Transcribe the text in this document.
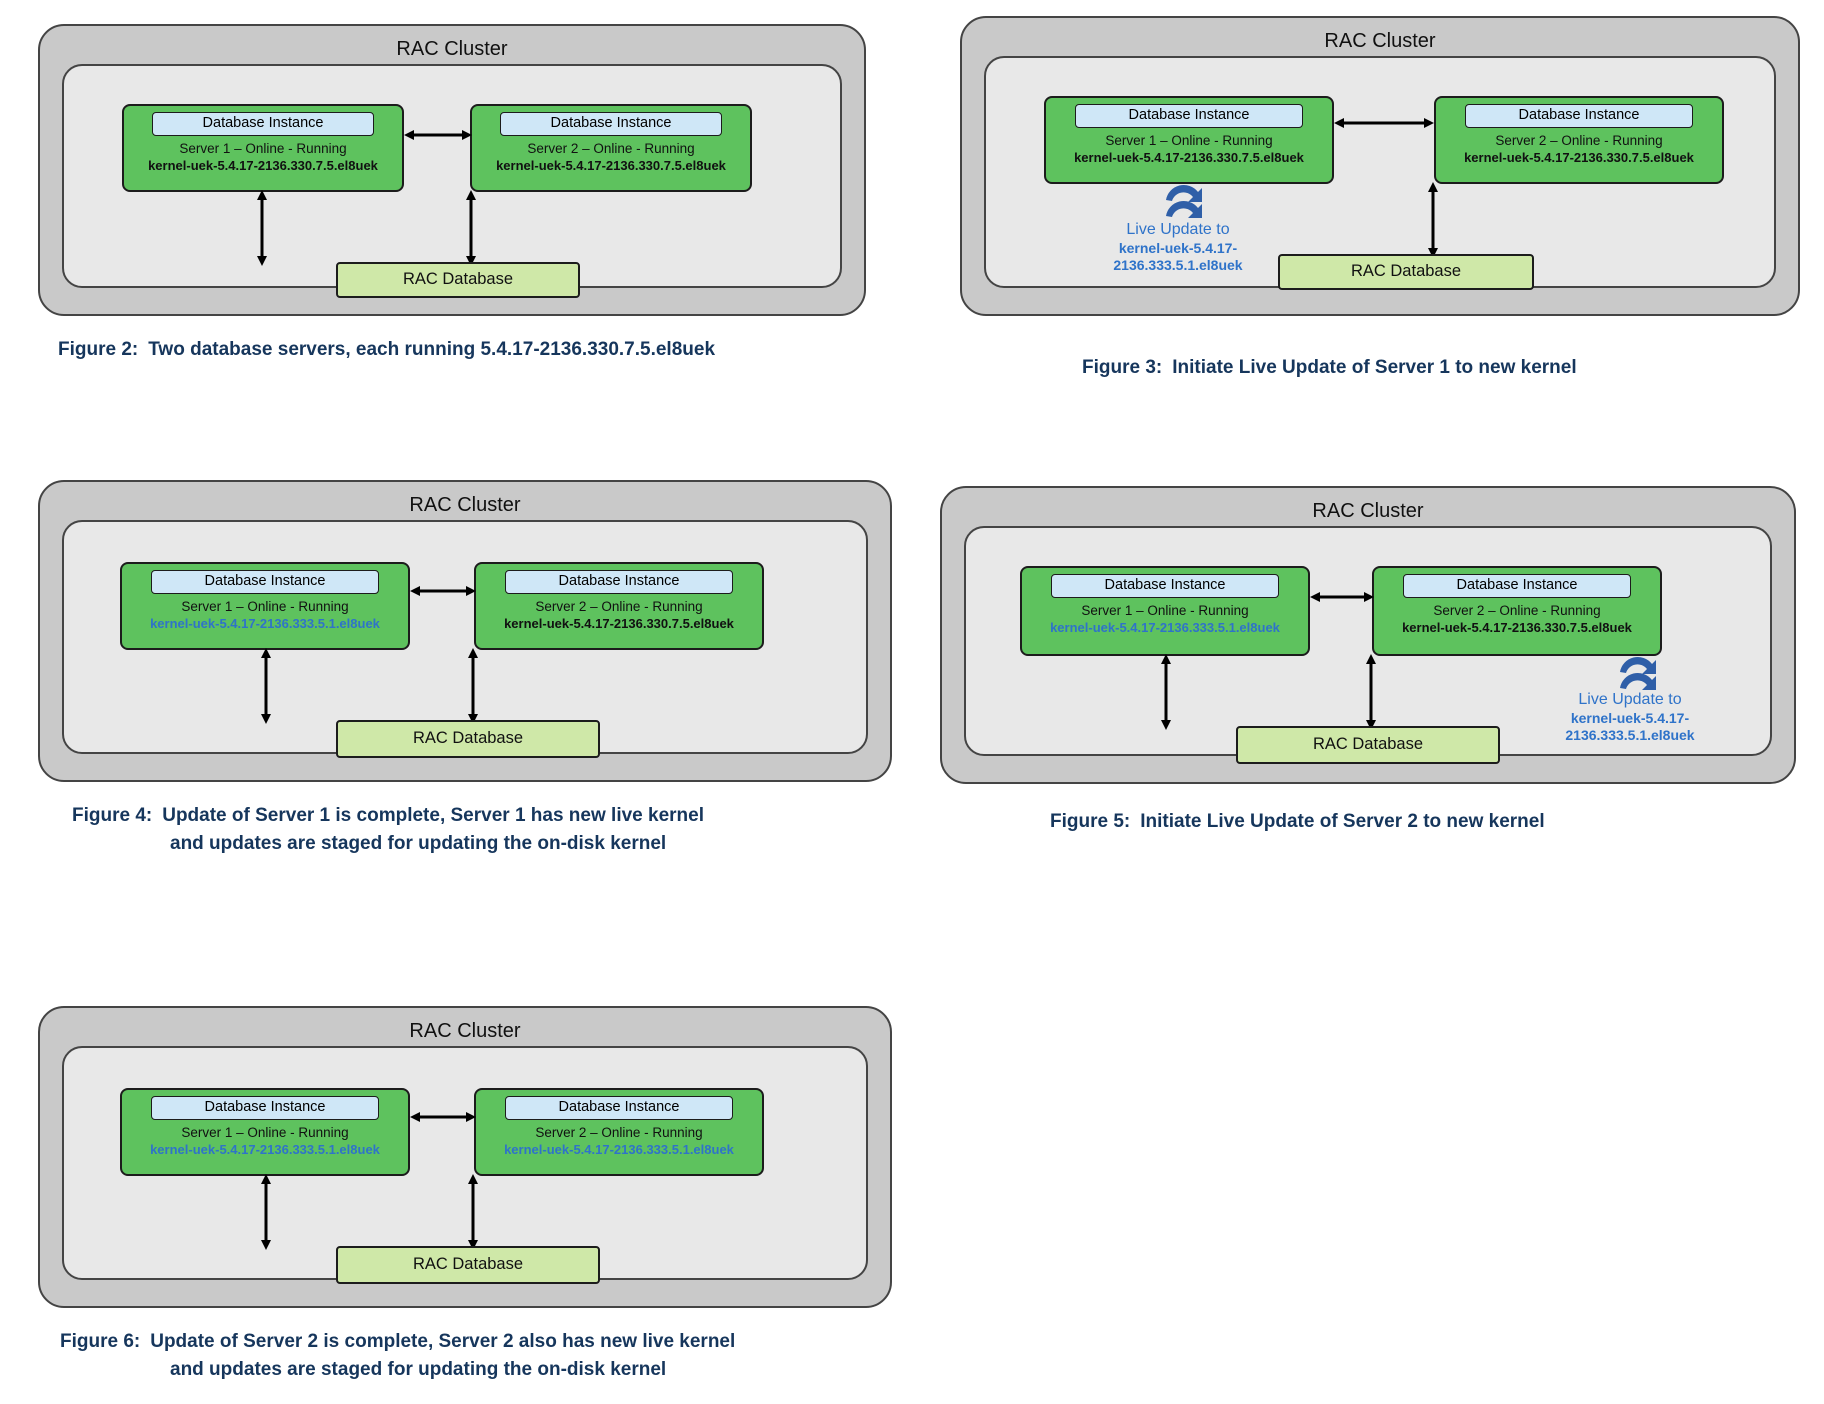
RAC Cluster
Database Instance
Server 1 – Online - Running
kernel-uek-5.4.17-2136.330.7.5.el8uek
Database Instance
Server 2 – Online - Running
kernel-uek-5.4.17-2136.330.7.5.el8uek
RAC Database
Figure 2: Two database servers, each running 5.4.17-2136.330.7.5.el8uek
RAC Cluster
Database Instance
Server 1 – Online - Running
kernel-uek-5.4.17-2136.330.7.5.el8uek
Database Instance
Server 2 – Online - Running
kernel-uek-5.4.17-2136.330.7.5.el8uek
RAC Database
Live Update to
kernel-uek-5.4.17-
2136.333.5.1.el8uek
Figure 3: Initiate Live Update of Server 1 to new kernel
RAC Cluster
Database Instance
Server 1 – Online - Running
kernel-uek-5.4.17-2136.333.5.1.el8uek
Database Instance
Server 2 – Online - Running
kernel-uek-5.4.17-2136.330.7.5.el8uek
RAC Database
Figure 4: Update of Server 1 is complete, Server 1 has new live kernel
and updates are staged for updating the on-disk kernel
RAC Cluster
Database Instance
Server 1 – Online - Running
kernel-uek-5.4.17-2136.333.5.1.el8uek
Database Instance
Server 2 – Online - Running
kernel-uek-5.4.17-2136.330.7.5.el8uek
RAC Database
Live Update to
kernel-uek-5.4.17-
2136.333.5.1.el8uek
Figure 5: Initiate Live Update of Server 2 to new kernel
RAC Cluster
Database Instance
Server 1 – Online - Running
kernel-uek-5.4.17-2136.333.5.1.el8uek
Database Instance
Server 2 – Online - Running
kernel-uek-5.4.17-2136.333.5.1.el8uek
RAC Database
Figure 6: Update of Server 2 is complete, Server 2 also has new live kernel
and updates are staged for updating the on-disk kernel
